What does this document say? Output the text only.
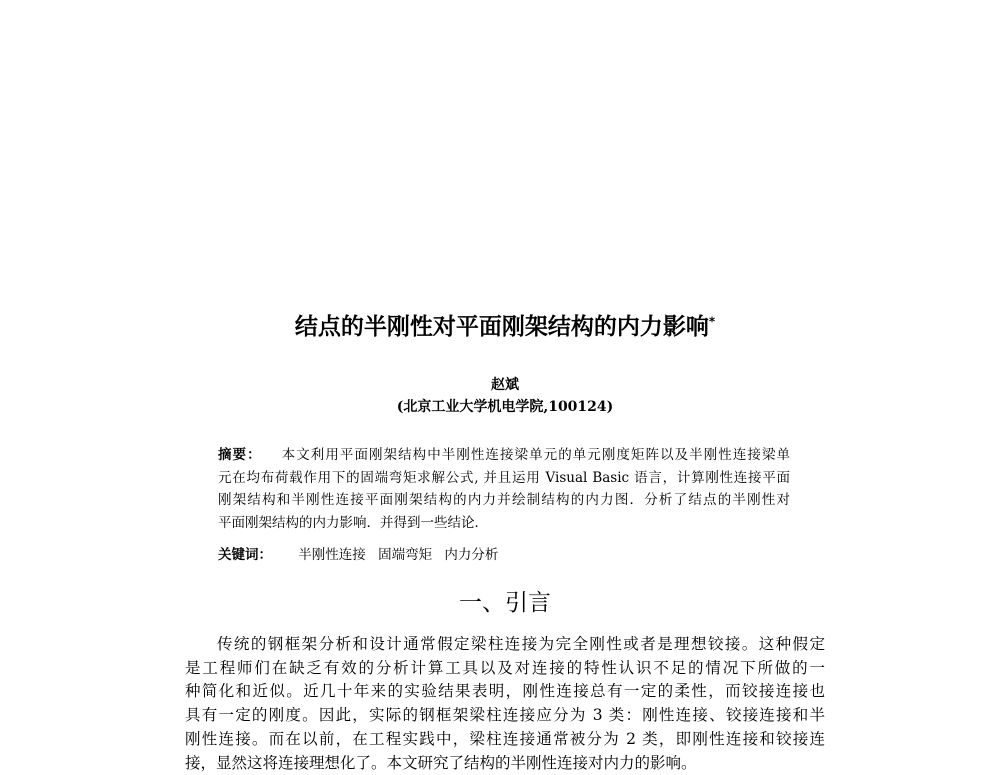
结点的半刚性对平面刚架结构的内力影响*
赵斌
(北京工业大学机电学院,100124)
摘要： 本文利用平面刚架结构中半刚性连接梁单元的单元刚度矩阵以及半刚性连接梁单
元在均布荷载作用下的固端弯矩求解公式, 并且运用 Visual Basic 语言，计算刚性连接平面
刚架结构和半刚性连接平面刚架结构的内力并绘制结构的内力图．分析了结点的半刚性对
平面刚架结构的内力影响．并得到一些结论．
关键词： 半刚性连接 固端弯矩 内力分析
一、引言
传统的钢框架分析和设计通常假定梁柱连接为完全刚性或者是理想铰接。这种假定
是工程师们在缺乏有效的分析计算工具以及对连接的特性认识不足的情况下所做的一
种简化和近似。近几十年来的实验结果表明，刚性连接总有一定的柔性，而铰接连接也
具有一定的刚度。因此，实际的钢框架梁柱连接应分为 3 类：刚性连接、铰接连接和半
刚性连接。而在以前，在工程实践中，梁柱连接通常被分为 2 类，即刚性连接和铰接连
接，显然这将连接理想化了。本文研究了结构的半刚性连接对内力的影响。
